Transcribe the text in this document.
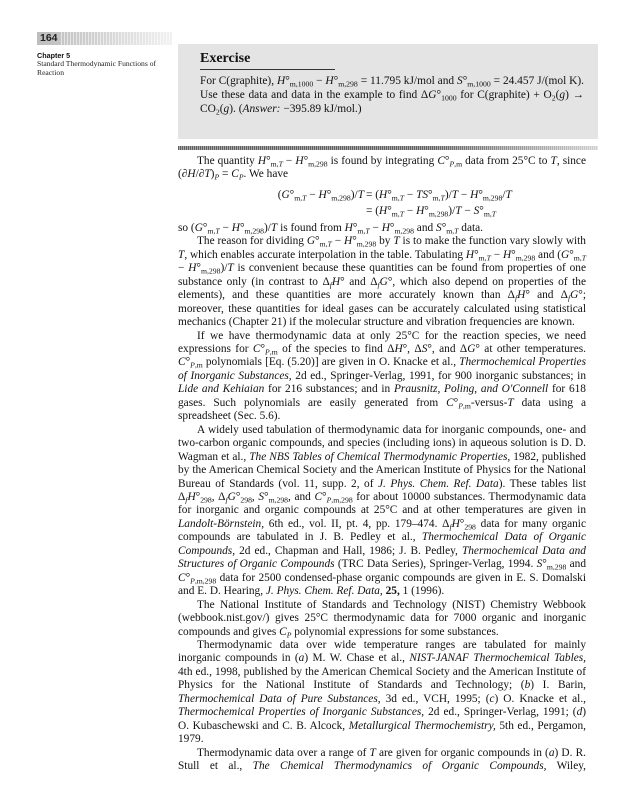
164
Chapter 5
Standard Thermodynamic Functions of Reaction
Exercise
For C(graphite), $H^\circ_{m,1000} - H^\circ_{m,298} = 11.795$ kJ/mol and $S^\circ_{m,1000} = 24.457$ J/(mol K). Use these data and data in the example to find $\Delta G^\circ_{1000}$ for C(graphite) + $O_2(g) \to CO_2(g)$. (Answer: −395.89 kJ/mol.)

The quantity $H^\circ_{m,T} - H^\circ_{m,298}$ is found by integrating $C^\circ_{P,m}$ data from 25°C to T, since $(\partial H/\partial T)_P = C_P$. We have

$(G^\circ_{m,T} - H^\circ_{m,298})/T = (H^\circ_{m,T} - TS^\circ_{m,T})/T - H^\circ_{m,298}/T$
= $(H^\circ_{m,T} - H^\circ_{m,298})/T - S^\circ_{m,T}$

so $(G^\circ_{m,T} - H^\circ_{m,298})/T$ is found from $H^\circ_{m,T} - H^\circ_{m,298}$ and $S^\circ_{m,T}$ data.

The reason for dividing $G^\circ_{m,T} - H^\circ_{m,298}$ by T is to make the function vary slowly with T, which enables accurate interpolation in the table. Tabulating $H^\circ_{m,T} - H^\circ_{m,298}$ and $(G^\circ_{m,T} - H^\circ_{m,298})/T$ is convenient because these quantities can be found from properties of one substance only (in contrast to $\Delta_fH^\circ$ and $\Delta_fG^\circ$, which also depend on properties of the elements), and these quantities are more accurately known than $\Delta_fH^\circ$ and $\Delta_fG^\circ$; moreover, these quantities for ideal gases can be accurately calculated using statistical mechanics (Chapter 21) if the molecular structure and vibration frequencies are known.

If we have thermodynamic data at only 25°C for the reaction species, we need expressions for $C^\circ_{P,m}$ of the species to find ΔH°, ΔS°, and ΔG° at other temperatures. $C^\circ_{P,m}$ polynomials [Eq. (5.20)] are given in O. Knacke et al., Thermochemical Properties of Inorganic Substances, 2d ed., Springer-Verlag, 1991, for 900 inorganic substances; in Lide and Kehiaian for 216 substances; and in Prausnitz, Poling, and O'Connell for 618 gases. Such polynomials are easily generated from $C^\circ_{P,m}-versus-T$ data using a spreadsheet (Sec. 5.6).

A widely used tabulation of thermodynamic data for inorganic compounds, one- and two-carbon organic compounds, and species (including ions) in aqueous solution is D. D. Wagman et al., The NBS Tables of Chemical Thermodynamic Properties, 1982, published by the American Chemical Society and the American Institute of Physics for the National Bureau of Standards (vol. 11, supp. 2, of J. Phys. Chem. Ref. Data). These tables list $\Delta_fH^\circ_{298}$, $\Delta_fG^\circ_{298}$, $S^\circ_{m,298}$, and $C^\circ_{P,m,298}$ for about 10000 substances. Thermodynamic data for inorganic and organic compounds at 25°C and at other temperatures are given in Landolt-Börnstein, 6th ed., vol. II, pt. 4, pp. 179–474. $\Delta_fH^\circ_{298}$ data for many organic compounds are tabulated in J. B. Pedley et al., Thermochemical Data of Organic Compounds, 2d ed., Chapman and Hall, 1986; J. B. Pedley, Thermochemical Data and Structures of Organic Compounds (TRC Data Series), Springer-Verlag, 1994. $S^\circ_{m,298}$ and $C^\circ_{P,m,298}$ data for 2500 condensed-phase organic compounds are given in E. S. Domalski and E. D. Hearing, J. Phys. Chem. Ref. Data, 25, 1 (1996).

The National Institute of Standards and Technology (NIST) Chemistry Webbook (webbook.nist.gov/) gives 25°C thermodynamic data for 7000 organic and inorganic compounds and gives $C_P$ polynomial expressions for some substances.

Thermodynamic data over wide temperature ranges are tabulated for mainly inorganic compounds in (a) M. W. Chase et al., NIST-JANAF Thermochemical Tables, 4th ed., 1998, published by the American Chemical Society and the American Institute of Physics for the National Institute of Standards and Technology; (b) I. Barin, Thermochemical Data of Pure Substances, 3d ed., VCH, 1995; (c) O. Knacke et al., Thermochemical Properties of Inorganic Substances, 2d ed., Springer-Verlag, 1991; (d) O. Kubaschewski and C. B. Alcock, Metallurgical Thermochemistry, 5th ed., Pergamon, 1979.

Thermodynamic data over a range of T are given for organic compounds in (a) D. R. Stull et al., The Chemical Thermodynamics of Organic Compounds, Wiley,
